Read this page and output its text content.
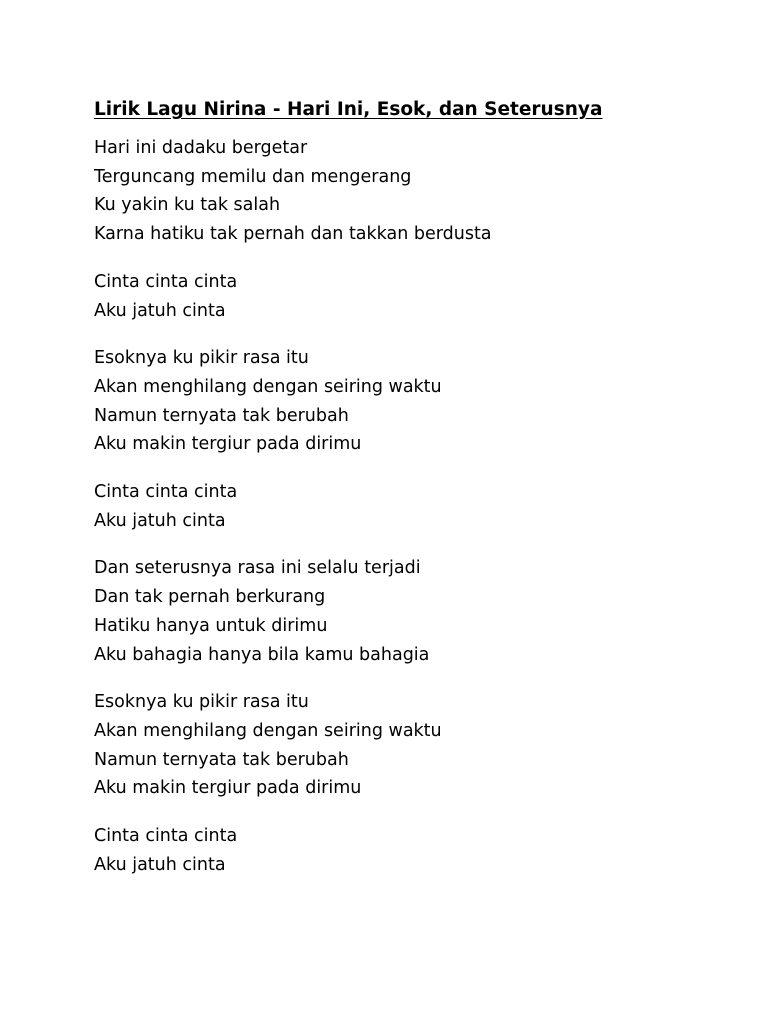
Lirik Lagu Nirina - Hari Ini, Esok, dan Seterusnya
Hari ini dadaku bergetar
Terguncang memilu dan mengerang
Ku yakin ku tak salah
Karna hatiku tak pernah dan takkan berdusta
Cinta cinta cinta
Aku jatuh cinta
Esoknya ku pikir rasa itu
Akan menghilang dengan seiring waktu
Namun ternyata tak berubah
Aku makin tergiur pada dirimu
Cinta cinta cinta
Aku jatuh cinta
Dan seterusnya rasa ini selalu terjadi
Dan tak pernah berkurang
Hatiku hanya untuk dirimu
Aku bahagia hanya bila kamu bahagia
Esoknya ku pikir rasa itu
Akan menghilang dengan seiring waktu
Namun ternyata tak berubah
Aku makin tergiur pada dirimu
Cinta cinta cinta
Aku jatuh cinta
